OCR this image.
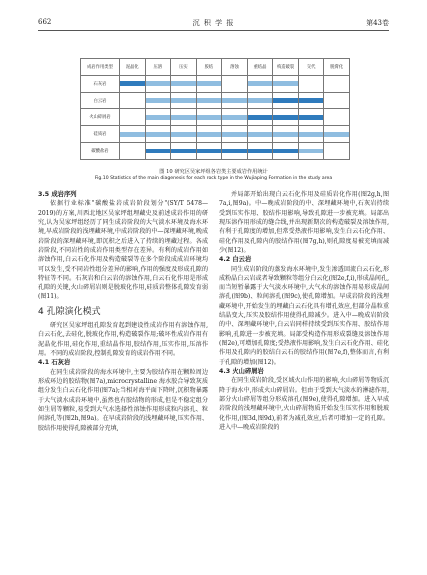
662	沉 积 学 报	第43卷
成岩作用类型	泥晶化	压溶	压实	胶结	溶蚀	重结晶	构造破裂	交代	脱膏化
石灰岩	

白云岩		

火山碎屑岩		

硅质岩	

碳酸盐岩		

图 10 研究区吴家坪组各岩类主要成岩作用统计
Fig.10 Statistics of the main diagenesis for each rock type in the Wujiaping Formation in the study area

3.5 成岩序列

依据行业标准"碳酸盐岩成岩阶段划分"(SY/T 5478—2019)的方案,川西北地区吴家坪组埋藏史及前述成岩作用的研究,认为吴家坪组经历了同生成岩阶段的大气淡水环境及海水环境,早成岩阶段的浅埋藏环境,中成岩阶段的中—深埋藏环境,晚成岩阶段的深埋藏环境,即沉积之后进入了持续的埋藏过程。各成岩阶段,不同岩性的成岩作用类型存在差异。有利的成岩作用如溶蚀作用,白云石化作用及构造破裂等在多个阶段成成岩环境均可以发生,受不同岩性组分差异的影响,作用的强度及形成孔隙的特征等不同。石灰岩和白云岩的溶蚀作用,白云石化作用是形成孔隙的关键,火山碎屑岩则是脱玻化作用,硅质岩整体孔隙发育弱(图11)。

4 孔隙演化模式

研究区吴家坪组孔隙发育起到建设性成岩作用有溶蚀作用,白云石化,去硅化,脱玻化作用,构造破裂作用;破坏性成岩作用有泥晶化作用,硅化作用,重结晶作用,胶结作用,压实作用,压溶作用。不同的成岩阶段,控制孔隙发育的成岩作用不同。

4.1 石灰岩

在同生成岩阶段的海水环境中,主要为胶结作用在颗粒周边形成环边的胶结物(图7a),microcrystalline 海水胶合导致灰质组分发生白云石化作用(图7a);当相对海平面下降时,沉积物暴露于大气淡水成岩环境中,虽然也有胶结物的形成,但是不稳定组分如生屑等颗粒,易受到大气水选择性溶蚀作用形成粒内溶孔、粒间溶孔等(图2h,图9a)。在早成岩阶段的浅埋藏环境,压实作用、胶结作用使得孔隙被部分充填,

并局部开始出现白云石化作用及硅质岩化作用(图2g,h,图7a,i,图9a)。中—晚成岩阶段的中、深埋藏环境中,石灰岩持续受到压实作用、胶结作用影响,导致孔隙进一步被充填。局部出现压溶作用形成的缝合线,并出现新期次的构造破裂及溶蚀作用,有利于孔隙度的增加,但常受热液作用影响,发生白云石化作用、硅化作用及孔隙内的胶结作用(图7g,h),则孔隙度易被充填而减少(图12)。

4.2 白云岩

同生成岩阶段的蒸发海水环境中,发生渗透回流白云石化,形成粉晶白云岩或者导致颗粒等组分白云化(图2e,f,i),形成晶间孔,而当短暂暴露于大气淡水环境中,大气水的溶蚀作用易形成晶间溶孔(图9b)、粒间溶孔(图9c),使孔隙增加。早成岩阶段的浅埋藏环境中,开始发生的埋藏白云石化具有增孔效应,但部分晶粒重结晶变大,压实及胶结作用使得孔隙减少。进入中—晚成岩阶段的中、深埋藏环境中,白云岩同样持续受到压实作用、胶结作用影响,孔隙进一步被充填。局部受构造作用形成裂缝及溶蚀作用(图2e),可增加孔隙度;受热液作用影响,发生白云石化作用、硅化作用及孔隙内的胶结白云石的胶结作用(图7e,f),整体而言,有利于孔隙的增加(图12)。

4.3 火山碎屑岩

在同生成岩阶段,受区域火山作用的影响,火山碎屑等物质沉降于海水中,形成火山碎屑岩。但由于受到大气淡水的淋滤作用,部分火山碎屑等组分形成溶孔(图9e),使得孔隙增加。进入早成岩阶段的浅埋藏环境中,火山碎屑物质开始发生压实作用和脱玻化作用,(图3d,图9d),前者为减孔效应,后者可增加一定的孔隙。进入中—晚成岩阶段的
